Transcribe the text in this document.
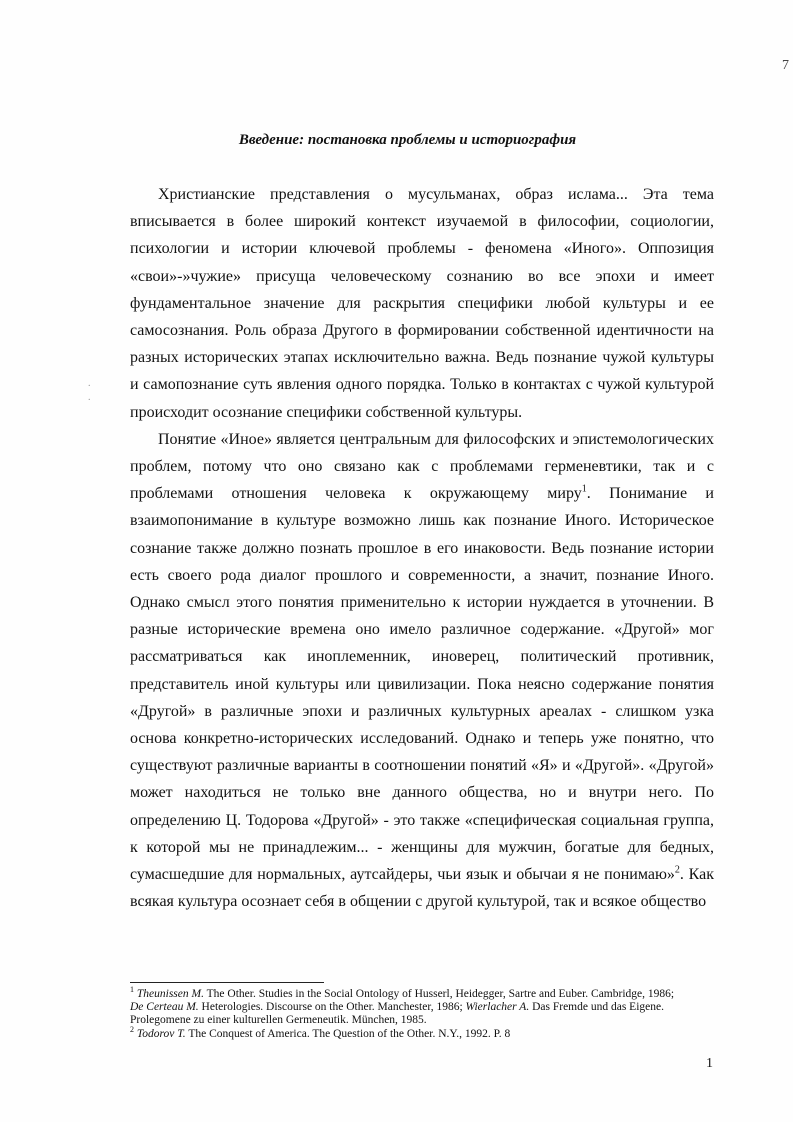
7
Введение: постановка проблемы и историография

Христианские представления о мусульманах, образ ислама... Эта тема вписывается в более широкий контекст изучаемой в философии, социологии, психологии и истории ключевой проблемы - феномена «Иного». Оппозиция «свои»-»чужие» присуща человеческому сознанию во все эпохи и имеет фундаментальное значение для раскрытия специфики любой культуры и ее самосознания. Роль образа Другого в формировании собственной идентичности на разных исторических этапах исключительно важна. Ведь познание чужой культуры и самопознание суть явления одного порядка. Только в контактах с чужой культурой происходит осознание специфики собственной культуры.

Понятие «Иное» является центральным для философских и эпистемологических проблем, потому что оно связано как с проблемами герменевтики, так и с проблемами отношения человека к окружающему миру$^1$. Понимание и взаимопонимание в культуре возможно лишь как познание Иного. Историческое сознание также должно познать прошлое в его инаковости. Ведь познание истории есть своего рода диалог прошлого и современности, а значит, познание Иного. Однако смысл этого понятия применительно к истории нуждается в уточнении. В разные исторические времена оно имело различное содержание. «Другой» мог рассматриваться как иноплеменник, иноверец, политический противник, представитель иной культуры или цивилизации. Пока неясно содержание понятия «Другой» в различные эпохи и различных культурных ареалах - слишком узка основа конкретно-исторических исследований. Однако и теперь уже понятно, что существуют различные варианты в соотношении понятий «Я» и «Другой». «Другой» может находиться не только вне данного общества, но и внутри него. По определению Ц. Тодорова «Другой» - это также «специфическая социальная группа, к которой мы не принадлежим... - женщины для мужчин, богатые для бедных, сумасшедшие для нормальных, аутсайдеры, чьи язык и обычаи я не понимаю»$^2$. Как всякая культура осознает себя в общении с другой культурой, так и всякое общество

$^1$ Theunissen M. The Other. Studies in the Social Ontology of Husserl, Heidegger, Sartre and Euber. Cambridge, 1986; De Certeau M. Heterologies. Discourse on the Other. Manchester, 1986; Wierlacher A. Das Fremde und das Eigene. Prolegomene zu einer kulturellen Germeneutik. München, 1985.

$^2$ Todorov T. The Conquest of America. The Question of the Other. N.Y., 1992. P. 8

1
.
.
